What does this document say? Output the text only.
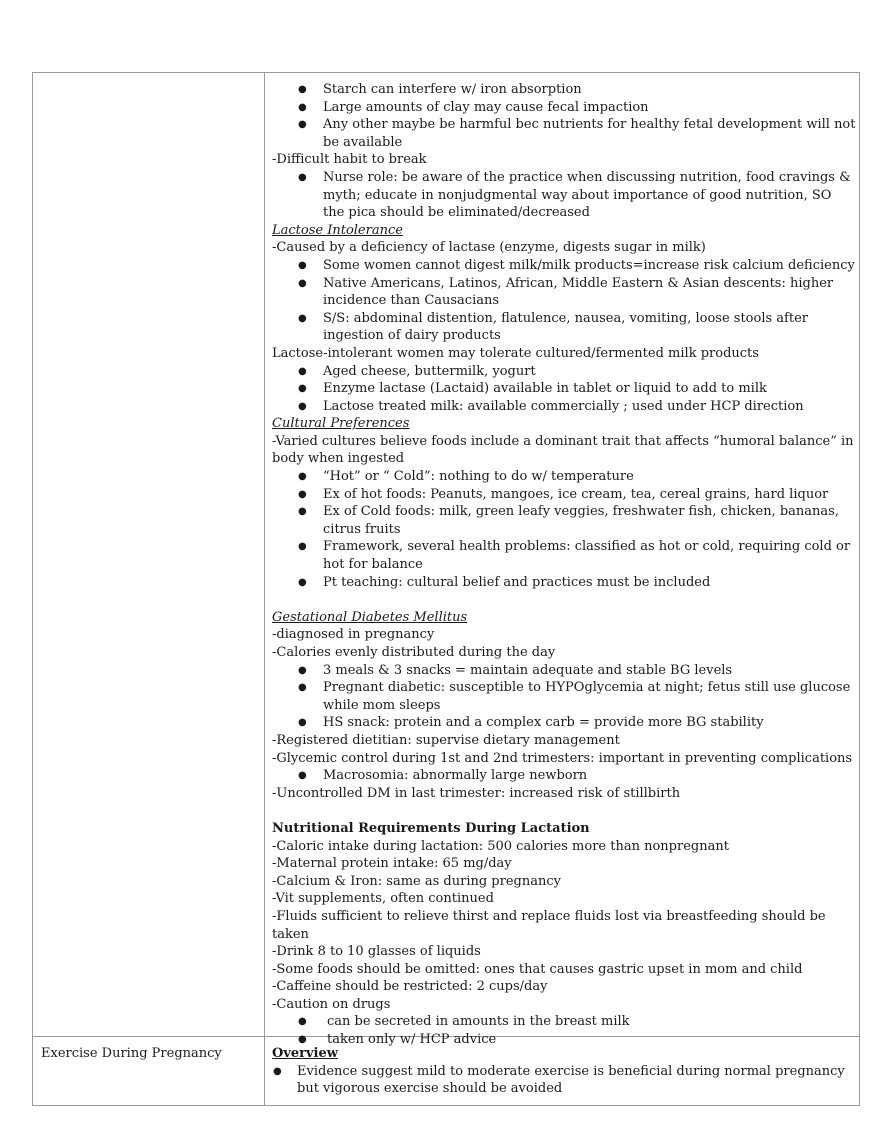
● Starch can interfere w/ iron absorption
● Large amounts of clay may cause fecal impaction
● Any other maybe be harmful bec nutrients for healthy fetal development will not be available
-Difficult habit to break
● Nurse role: be aware of the practice when discussing nutrition, food cravings & myth; educate in nonjudgmental way about importance of good nutrition, SO the pica should be eliminated/decreased
Lactose Intolerance
-Caused by a deficiency of lactase (enzyme, digests sugar in milk)
● Some women cannot digest milk/milk products=increase risk calcium deficiency
● Native Americans, Latinos, African, Middle Eastern & Asian descents: higher incidence than Causacians
● S/S: abdominal distention, flatulence, nausea, vomiting, loose stools after ingestion of dairy products
Lactose-intolerant women may tolerate cultured/fermented milk products
● Aged cheese, buttermilk, yogurt
● Enzyme lactase (Lactaid) available in tablet or liquid to add to milk
● Lactose treated milk: available commercially ; used under HCP direction
Cultural Preferences
-Varied cultures believe foods include a dominant trait that affects “humoral balance” in body when ingested
● “Hot” or “ Cold”: nothing to do w/ temperature
● Ex of hot foods: Peanuts, mangoes, ice cream, tea, cereal grains, hard liquor
● Ex of Cold foods: milk, green leafy veggies, freshwater fish, chicken, bananas, citrus fruits
● Framework, several health problems: classified as hot or cold, requiring cold or hot for balance
● Pt teaching: cultural belief and practices must be included
Gestational Diabetes Mellitus
-diagnosed in pregnancy
-Calories evenly distributed during the day
● 3 meals & 3 snacks = maintain adequate and stable BG levels
● Pregnant diabetic: susceptible to HYPOglycemia at night; fetus still use glucose while mom sleeps
● HS snack: protein and a complex carb = provide more BG stability
-Registered dietitian: supervise dietary management
-Glycemic control during 1st and 2nd trimesters: important in preventing complications
● Macrosomia: abnormally large newborn
-Uncontrolled DM in last trimester: increased risk of stillbirth
Nutritional Requirements During Lactation
-Caloric intake during lactation: 500 calories more than nonpregnant
-Maternal protein intake: 65 mg/day
-Calcium & Iron: same as during pregnancy
-Vit supplements, often continued
-Fluids sufficient to relieve thirst and replace fluids lost via breastfeeding should be taken
-Drink 8 to 10 glasses of liquids
-Some foods should be omitted: ones that causes gastric upset in mom and child
-Caffeine should be restricted: 2 cups/day
-Caution on drugs
● can be secreted in amounts in the breast milk
● taken only w/ HCP advice
Exercise During Pregnancy	Overview
● Evidence suggest mild to moderate exercise is beneficial during normal pregnancy but vigorous exercise should be avoided
